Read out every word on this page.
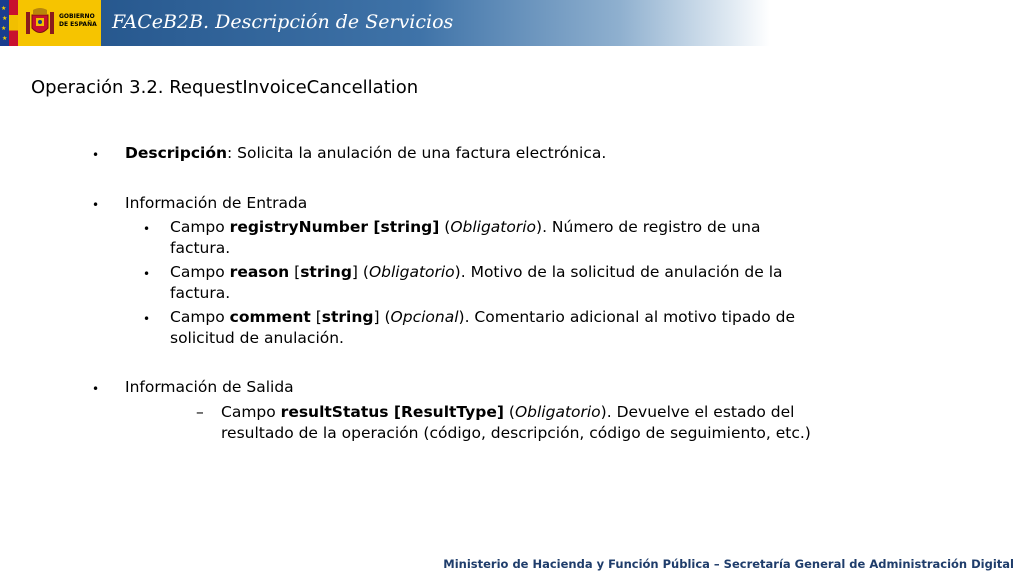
★
★
★
★
GOBIERNO
DE ESPAÑA FACeB2B. Descripción de Servicios
Operación 3.2. RequestInvoiceCancellation
• Descripción: Solicita la anulación de una factura electrónica.
• Información de Entrada
• Campo registryNumber [string] (Obligatorio). Número de registro de una
factura.
• Campo reason [string] (Obligatorio). Motivo de la solicitud de anulación de la
factura.
• Campo comment [string] (Opcional). Comentario adicional al motivo tipado de
solicitud de anulación.
• Información de Salida
– Campo resultStatus [ResultType] (Obligatorio). Devuelve el estado del
resultado de la operación (código, descripción, código de seguimiento, etc.)
Ministerio de Hacienda y Función Pública – Secretaría General de Administración Digital
